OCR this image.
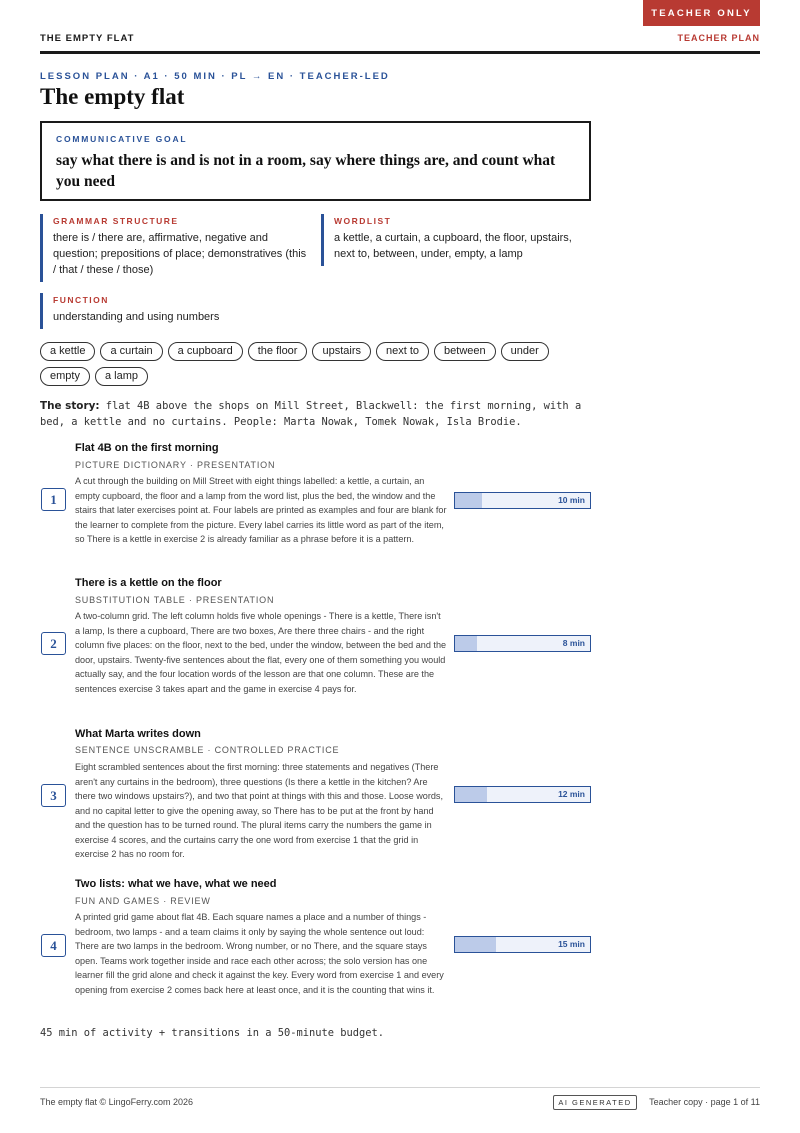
TEACHER ONLY
THE EMPTY FLAT	TEACHER PLAN
LESSON PLAN · A1 · 50 MIN · PL → EN · TEACHER-LED
The empty flat
COMMUNICATIVE GOAL
say what there is and is not in a room, say where things are, and count what you need
GRAMMAR STRUCTURE
there is / there are, affirmative, negative and question; prepositions of place; demonstratives (this / that / these / those)
WORDLIST
a kettle, a curtain, a cupboard, the floor, upstairs, next to, between, under, empty, a lamp
FUNCTION
understanding and using numbers
a kettle	a curtain	a cupboard	the floor	upstairs	next to	between	under
empty	a lamp

The story: flat 4B above the shops on Mill Street, Blackwell: the first morning, with a bed, a kettle and no curtains. People: Marta Nowak, Tomek Nowak, Isla Brodie.

Flat 4B on the first morning
PICTURE DICTIONARY · PRESENTATION
A cut through the building on Mill Street with eight things labelled: a kettle, a curtain, an empty cupboard, the floor and a lamp from the word list, plus the bed, the window and the stairs that later exercises point at. Four labels are printed as examples and four are blank for the learner to complete from the picture. Every label carries its little word as part of the item, so There is a kettle in exercise 2 is already familiar as a phrase before it is a pattern.
1	10 min
There is a kettle on the floor
SUBSTITUTION TABLE · PRESENTATION
A two-column grid. The left column holds five whole openings - There is a kettle, There isn't a lamp, Is there a cupboard, There are two boxes, Are there three chairs - and the right column five places: on the floor, next to the bed, under the window, between the bed and the door, upstairs. Twenty-five sentences about the flat, every one of them something you would actually say, and the four location words of the lesson are that one column. These are the sentences exercise 3 takes apart and the game in exercise 4 pays for.
2	8 min
What Marta writes down
SENTENCE UNSCRAMBLE · CONTROLLED PRACTICE
Eight scrambled sentences about the first morning: three statements and negatives (There aren't any curtains in the bedroom), three questions (Is there a kettle in the kitchen? Are there two windows upstairs?), and two that point at things with this and those. Loose words, and no capital letter to give the opening away, so There has to be put at the front by hand and the question has to be turned round. The plural items carry the numbers the game in exercise 4 scores, and the curtains carry the one word from exercise 1 that the grid in exercise 2 has no room for.
3	12 min
Two lists: what we have, what we need
FUN AND GAMES · REVIEW
A printed grid game about flat 4B. Each square names a place and a number of things - bedroom, two lamps - and a team claims it only by saying the whole sentence out loud: There are two lamps in the bedroom. Wrong number, or no There, and the square stays open. Teams work together inside and race each other across; the solo version has one learner fill the grid alone and check it against the key. Every word from exercise 1 and every opening from exercise 2 comes back here at least once, and it is the counting that wins it.
4	15 min
45 min of activity + transitions in a 50-minute budget.
The empty flat © LingoFerry.com 2026	AI GENERATED	Teacher copy · page 1 of 11
